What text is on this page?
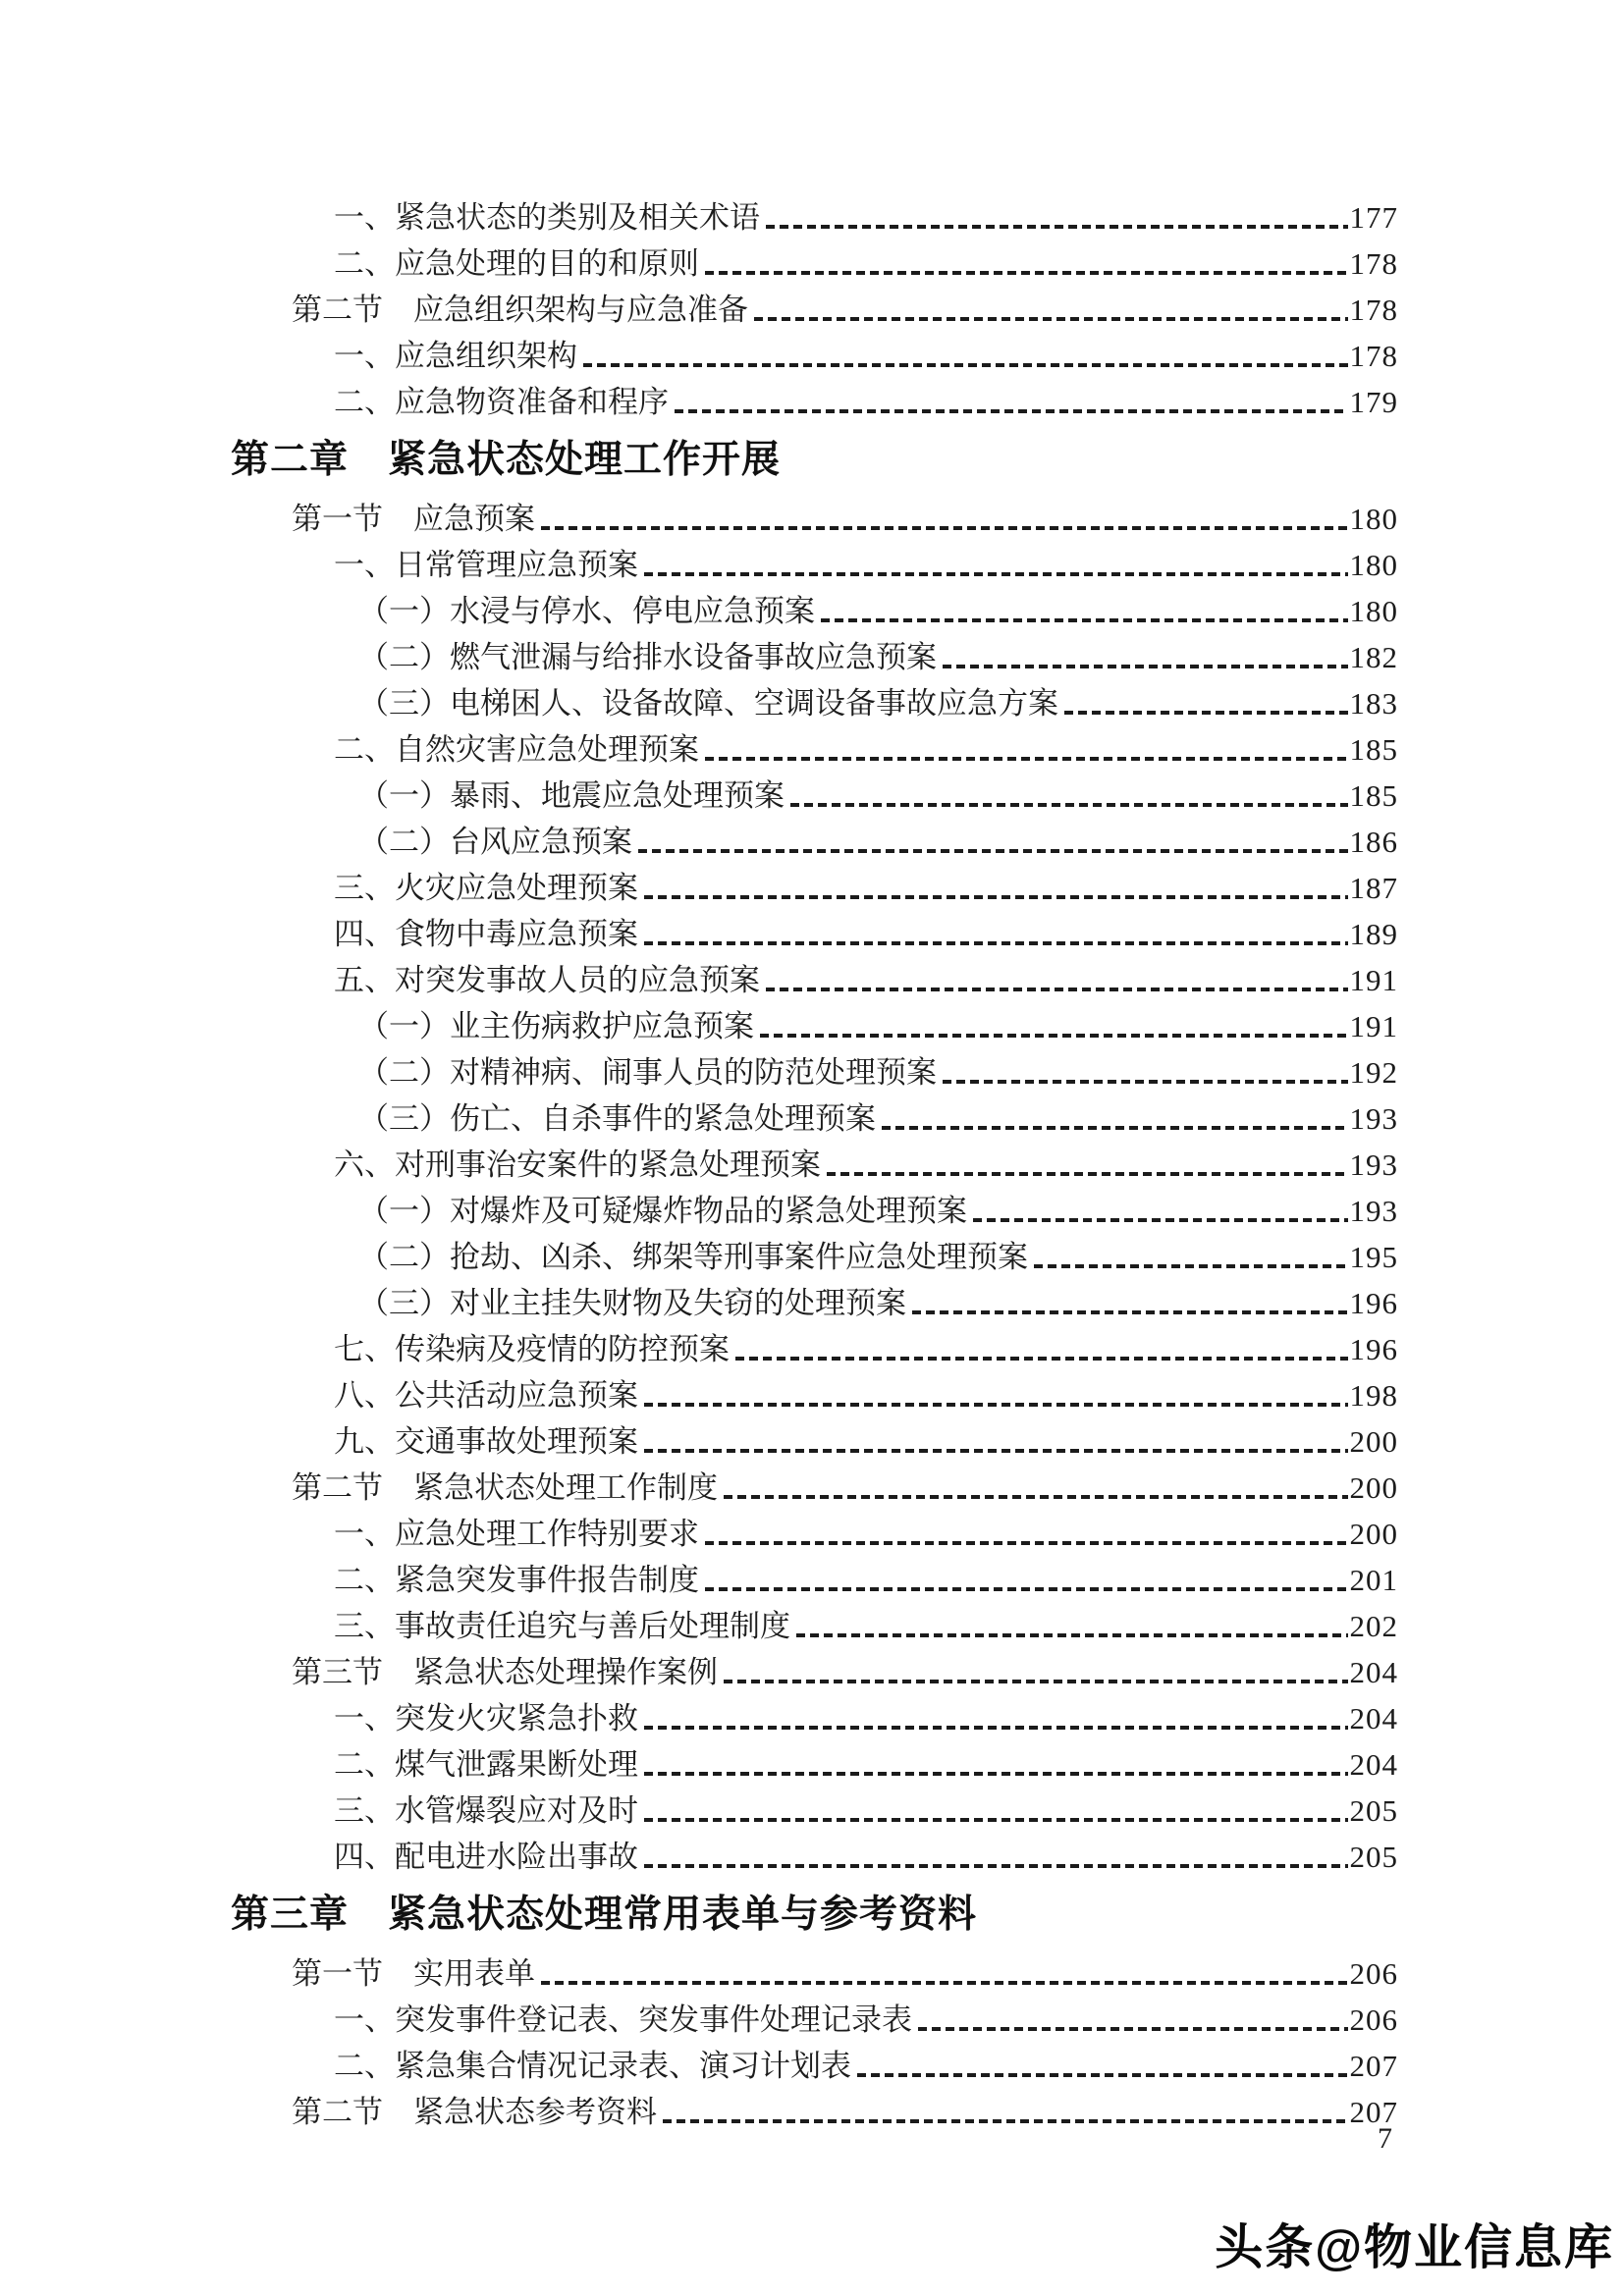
一、紧急状态的类别及相关术语	177
二、应急处理的目的和原则	178
第二节　应急组织架构与应急准备	178
一、应急组织架构	178
二、应急物资准备和程序	179
第二章　紧急状态处理工作开展
第一节　应急预案	180
一、日常管理应急预案	180
（一）水浸与停水、停电应急预案	180
（二）燃气泄漏与给排水设备事故应急预案	182
（三）电梯困人、设备故障、空调设备事故应急方案	183
二、自然灾害应急处理预案	185
（一）暴雨、地震应急处理预案	185
（二）台风应急预案	186
三、火灾应急处理预案	187
四、食物中毒应急预案	189
五、对突发事故人员的应急预案	191
（一）业主伤病救护应急预案	191
（二）对精神病、闹事人员的防范处理预案	192
（三）伤亡、自杀事件的紧急处理预案	193
六、对刑事治安案件的紧急处理预案	193
（一）对爆炸及可疑爆炸物品的紧急处理预案	193
（二）抢劫、凶杀、绑架等刑事案件应急处理预案	195
（三）对业主挂失财物及失窃的处理预案	196
七、传染病及疫情的防控预案	196
八、公共活动应急预案	198
九、交通事故处理预案	200
第二节　紧急状态处理工作制度	200
一、应急处理工作特别要求	200
二、紧急突发事件报告制度	201
三、事故责任追究与善后处理制度	202
第三节　紧急状态处理操作案例	204
一、突发火灾紧急扑救	204
二、煤气泄露果断处理	204
三、水管爆裂应对及时	205
四、配电进水险出事故	205
第三章　紧急状态处理常用表单与参考资料
第一节　实用表单	206
一、突发事件登记表、突发事件处理记录表	206
二、紧急集合情况记录表、演习计划表	207
第二节　紧急状态参考资料	207
7
头条@物业信息库
